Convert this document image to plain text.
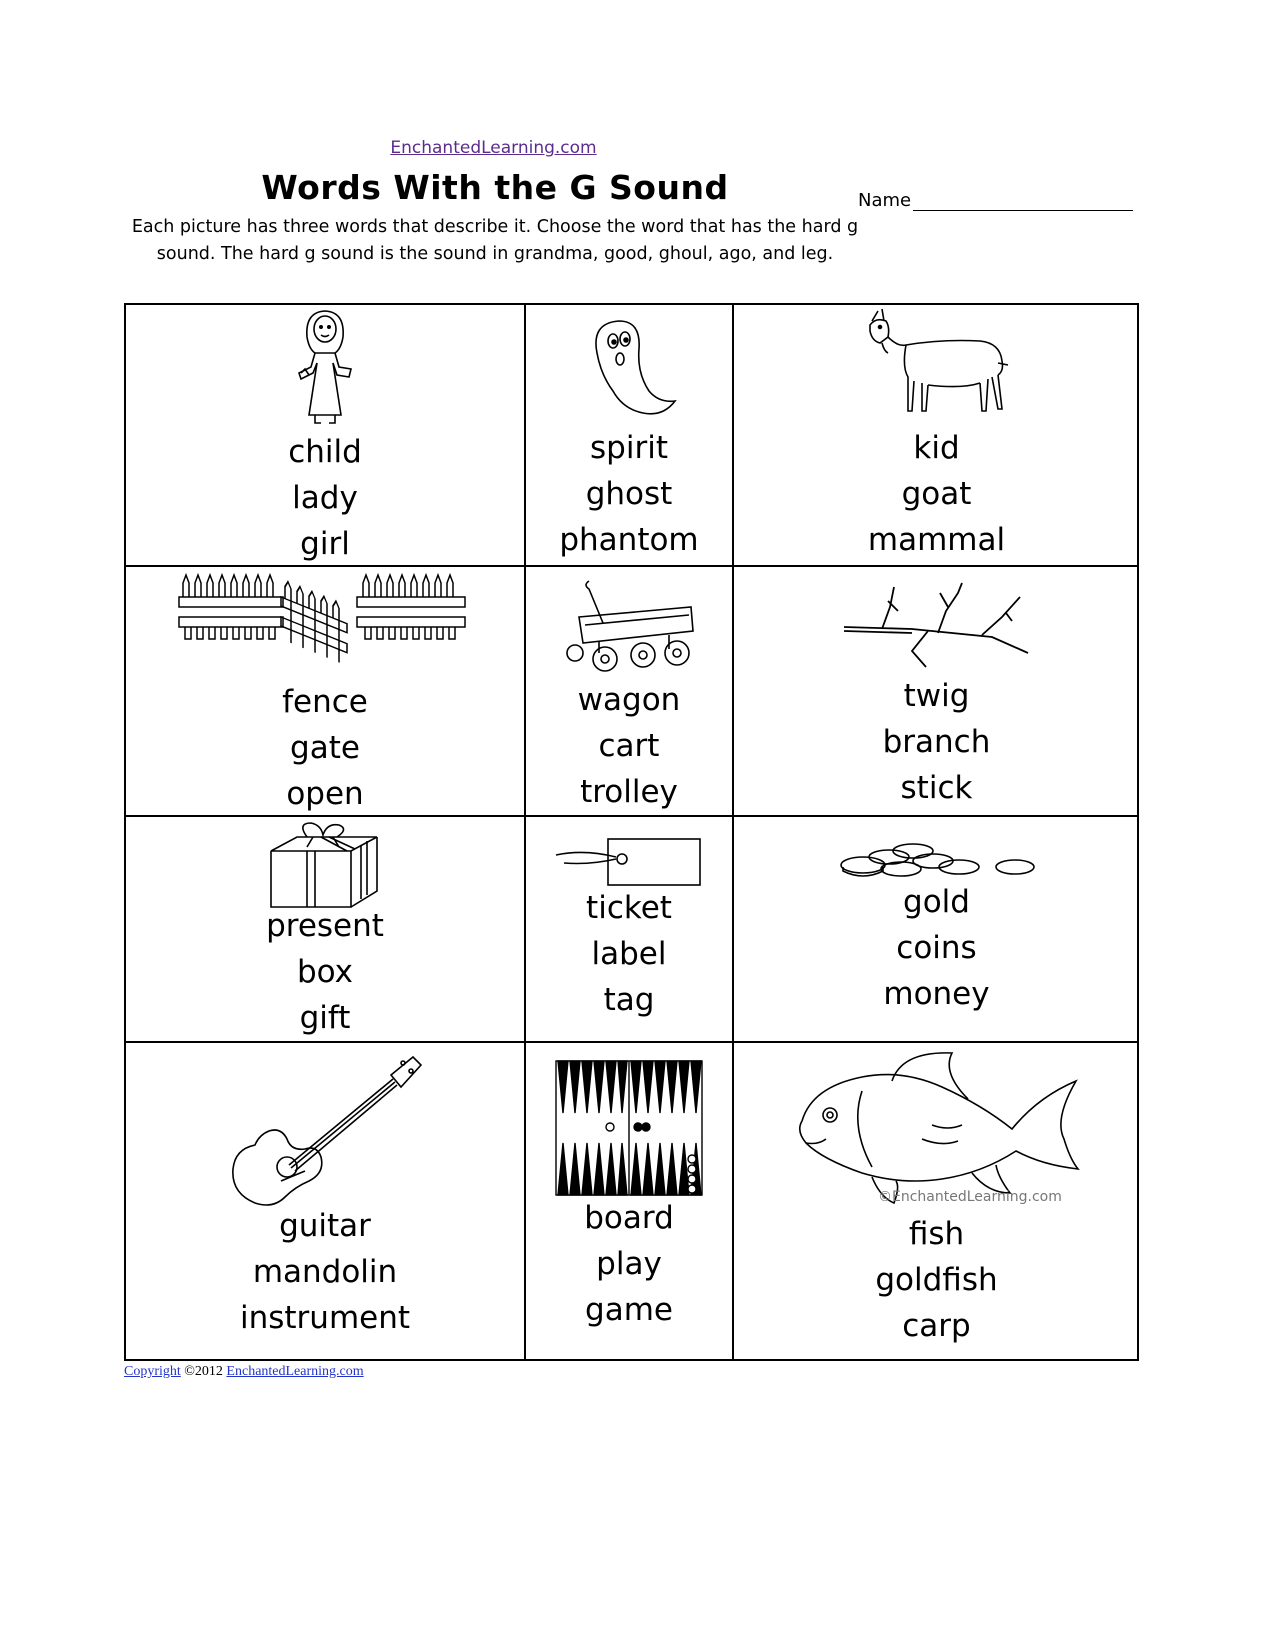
EnchantedLearning.com
Words With the G Sound	Name
Each picture has three words that describe it. Choose the word that has the hard g sound. The hard g sound is the sound in grandma, good, ghoul, ago, and leg.
child
lady
girl
spirit
ghost
phantom
kid
goat
mammal
fence
gate
open
wagon
cart
trolley
twig
branch
stick
present
box
gift
ticket
label
tag
gold
coins
money
guitar
mandolin
instrument
board
play
game
©EnchantedLearning.com
fish
goldfish
carp
Copyright ©2012 EnchantedLearning.com
